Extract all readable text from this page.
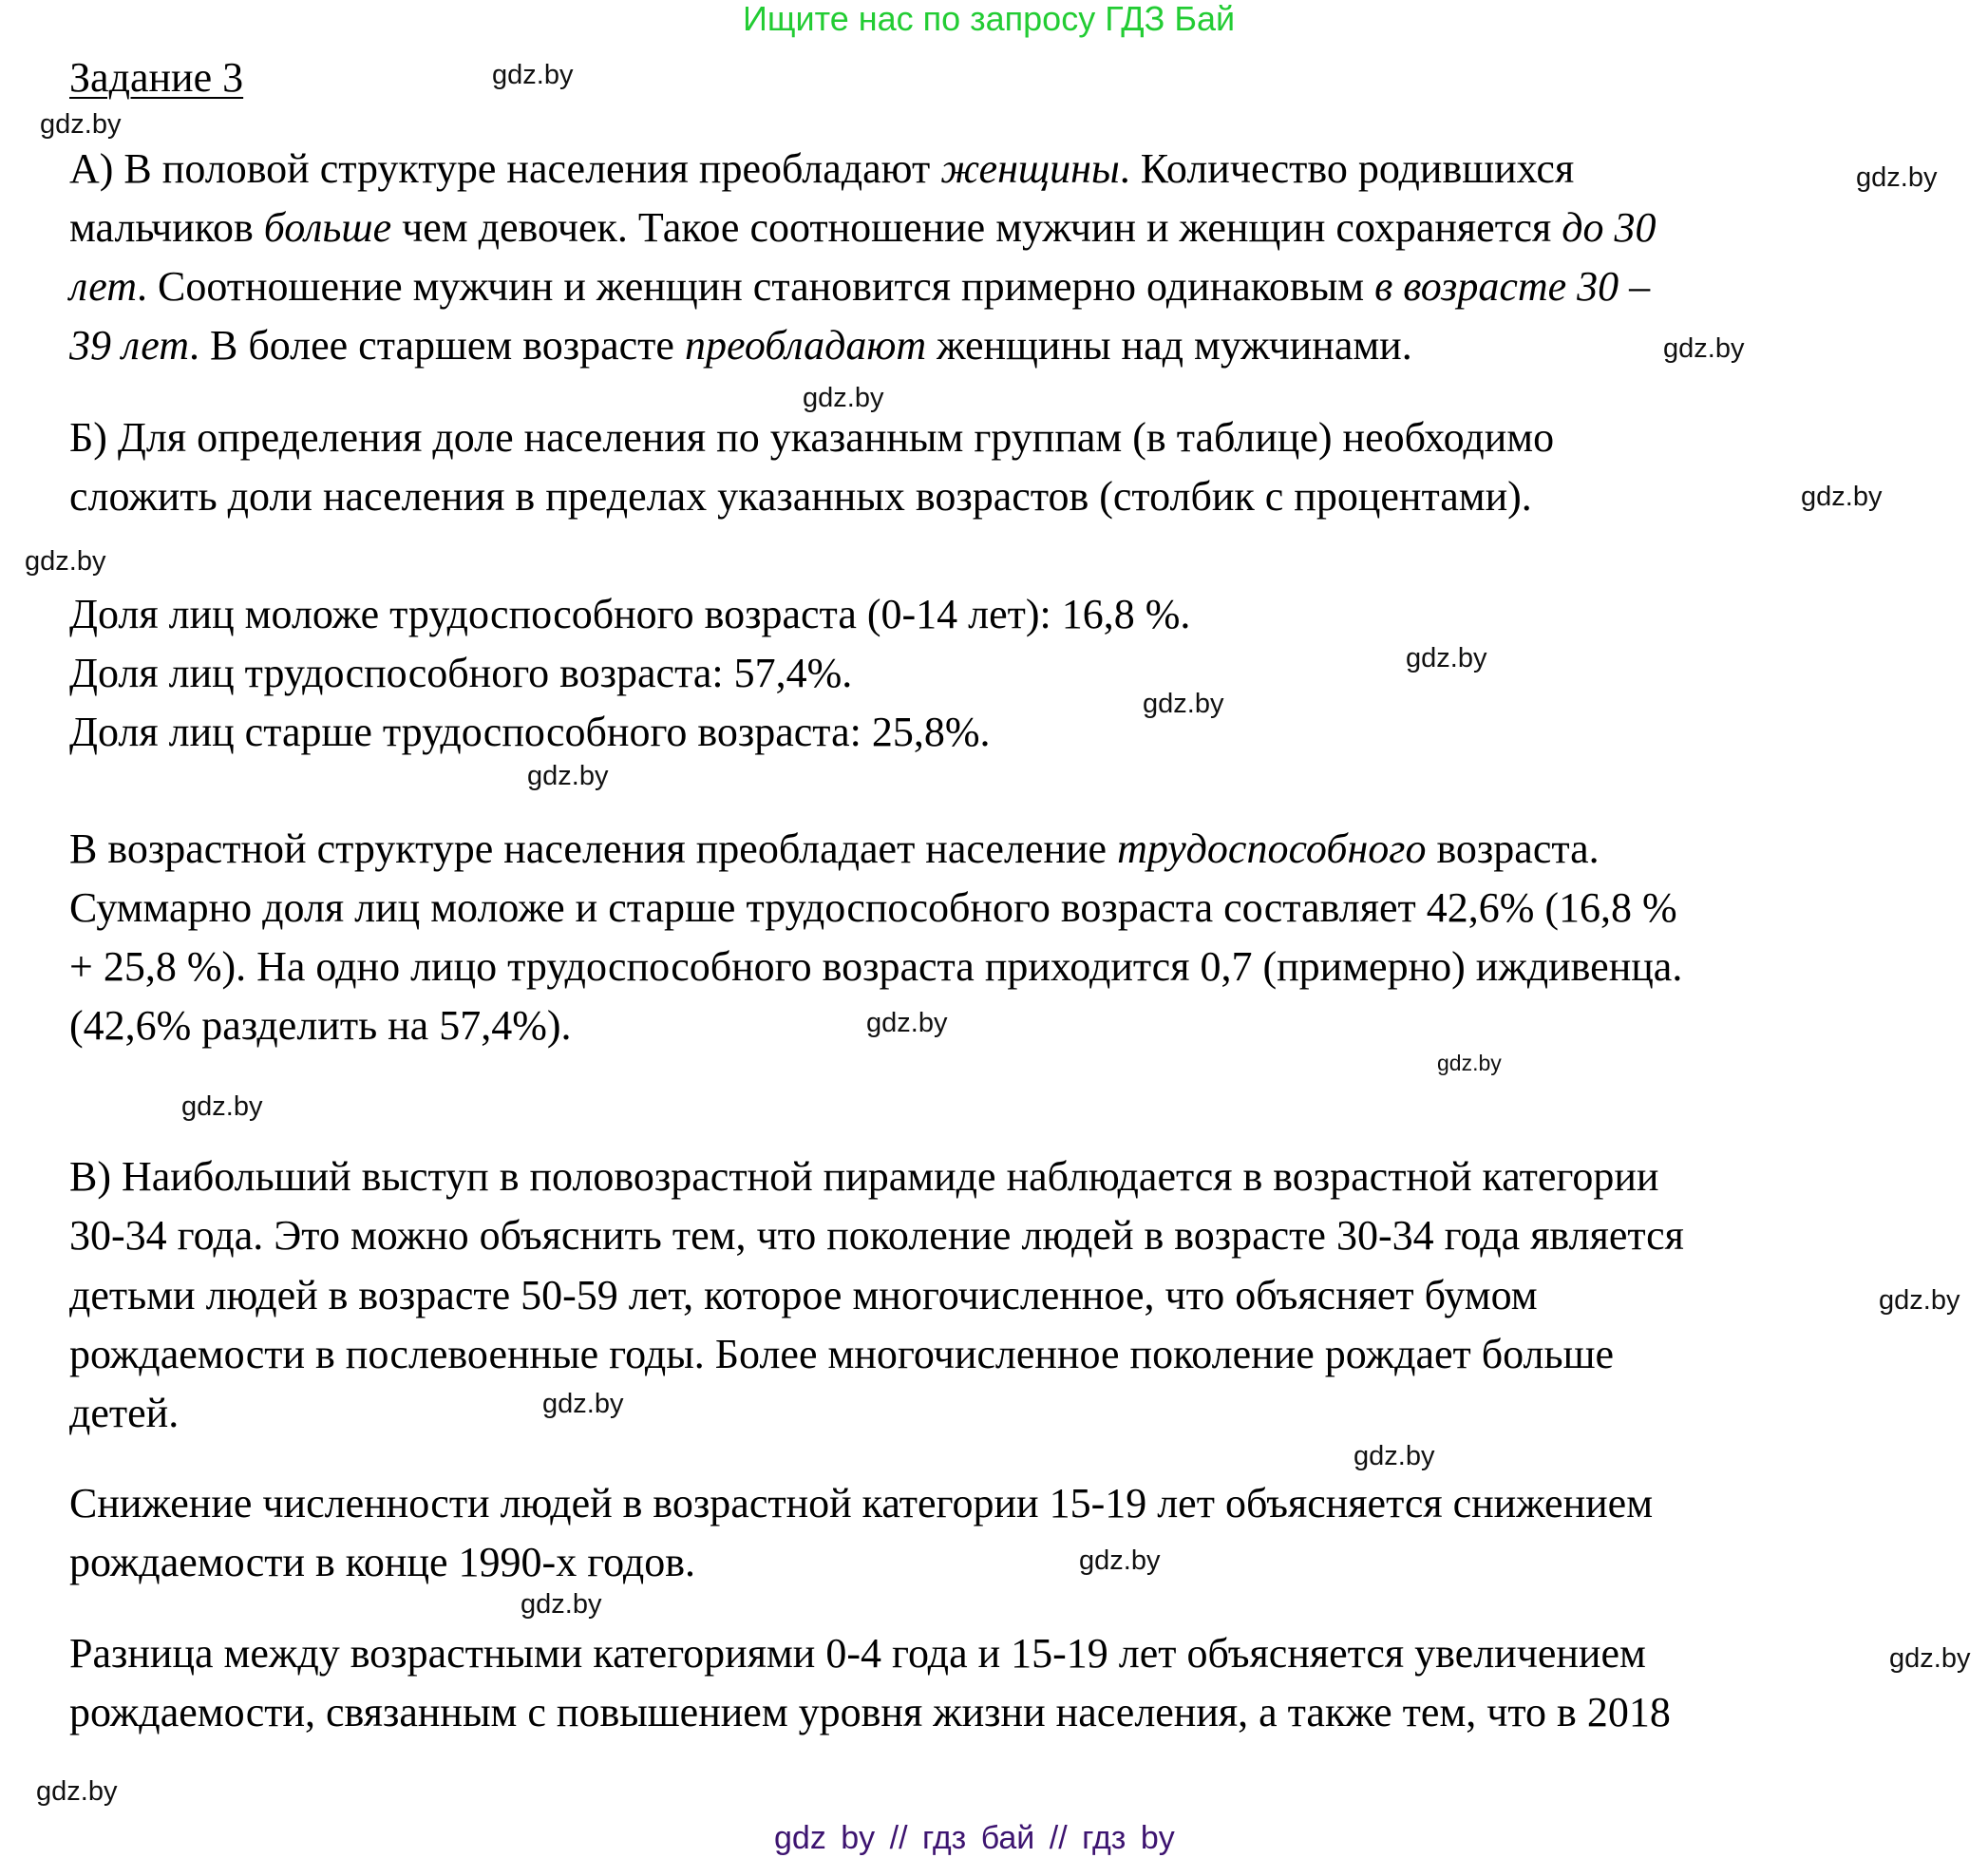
Ищите нас по запросу ГДЗ Бай
Задание 3
А) В половой структуре населения преобладают женщины. Количество родившихся
мальчиков больше чем девочек. Такое соотношение мужчин и женщин сохраняется до 30
лет. Соотношение мужчин и женщин становится примерно одинаковым в возрасте 30 –
39 лет. В более старшем возрасте преобладают женщины над мужчинами.
Б) Для определения доле населения по указанным группам (в таблице) необходимо
сложить доли населения в пределах указанных возрастов (столбик с процентами).
Доля лиц моложе трудоспособного возраста (0-14 лет): 16,8 %.
Доля лиц трудоспособного возраста: 57,4%.
Доля лиц старше трудоспособного возраста: 25,8%.
В возрастной структуре населения преобладает население трудоспособного возраста.
Суммарно доля лиц моложе и старше трудоспособного возраста составляет 42,6% (16,8 %
+ 25,8 %). На одно лицо трудоспособного возраста приходится 0,7 (примерно) иждивенца.
(42,6% разделить на 57,4%).
В) Наибольший выступ в половозрастной пирамиде наблюдается в возрастной категории
30-34 года. Это можно объяснить тем, что поколение людей в возрасте 30-34 года является
детьми людей в возрасте 50-59 лет, которое многочисленное, что объясняет бумом
рождаемости в послевоенные годы. Более многочисленное поколение рождает больше
детей.
Снижение численности людей в возрастной категории 15-19 лет объясняется снижением
рождаемости в конце 1990-х годов.
Разница между возрастными категориями 0-4 года и 15-19 лет объясняется увеличением
рождаемости, связанным с повышением уровня жизни населения, а также тем, что в 2018
gdz.by
gdz.by
gdz.by
gdz.by
gdz.by
gdz.by
gdz.by
gdz.by
gdz.by
gdz.by
gdz.by
gdz.by
gdz.by
gdz.by
gdz.by
gdz.by
gdz.by
gdz.by
gdz.by
gdz.by
gdz by // гдз бай // гдз by
